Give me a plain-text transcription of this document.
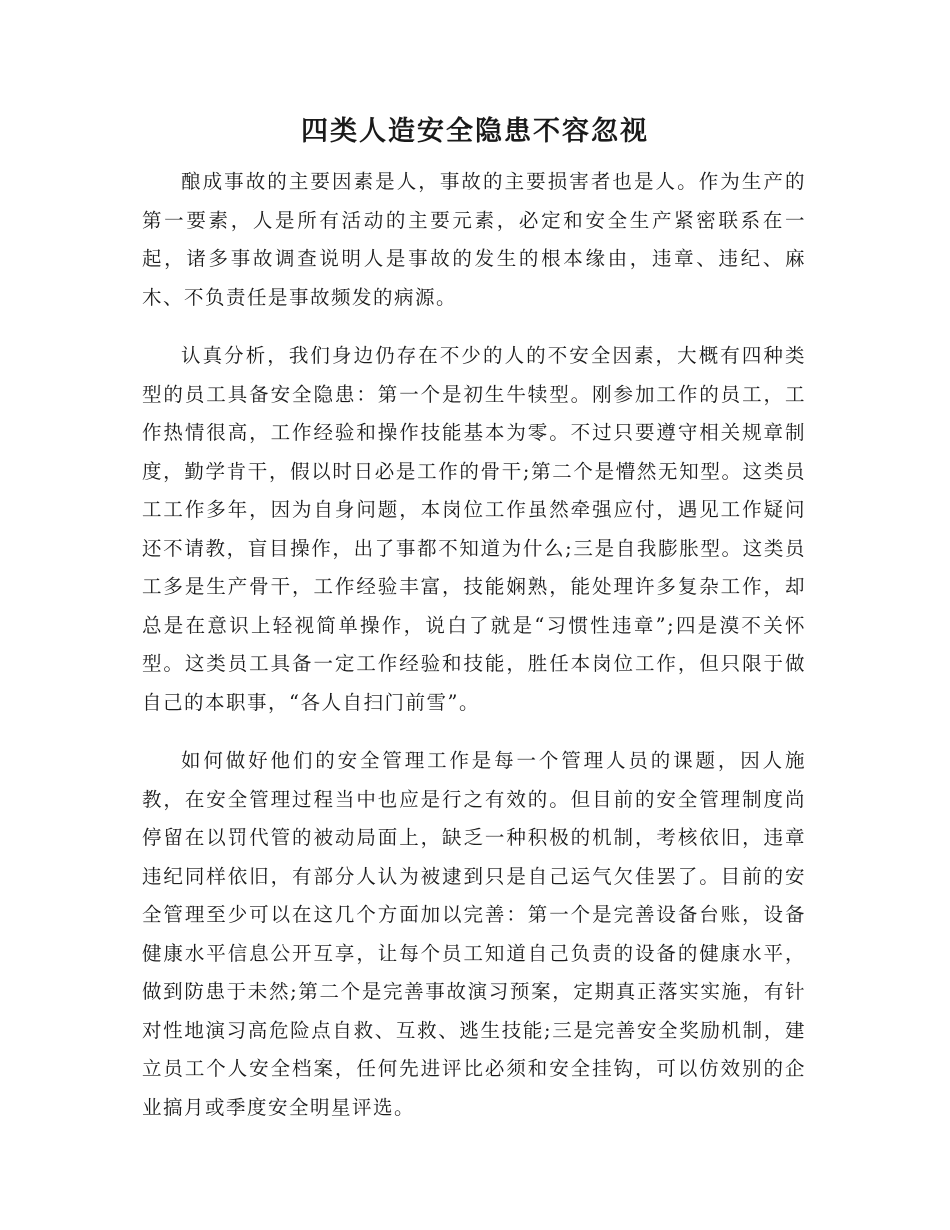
四类人造安全隐患不容忽视

酿成事故的主要因素是人，事故的主要损害者也是人。作为生产的第一要素，人是所有活动的主要元素，必定和安全生产紧密联系在一起，诸多事故调查说明人是事故的发生的根本缘由，违章、违纪、麻木、不负责任是事故频发的病源。

认真分析，我们身边仍存在不少的人的不安全因素，大概有四种类型的员工具备安全隐患：第一个是初生牛犊型。刚参加工作的员工，工作热情很高，工作经验和操作技能基本为零。不过只要遵守相关规章制度，勤学肯干，假以时日必是工作的骨干;第二个是懵然无知型。这类员工工作多年，因为自身问题，本岗位工作虽然牵强应付，遇见工作疑问还不请教，盲目操作，出了事都不知道为什么;三是自我膨胀型。这类员工多是生产骨干，工作经验丰富，技能娴熟，能处理许多复杂工作，却总是在意识上轻视简单操作，说白了就是“习惯性违章”;四是漠不关怀型。这类员工具备一定工作经验和技能，胜任本岗位工作，但只限于做自己的本职事，“各人自扫门前雪”。

如何做好他们的安全管理工作是每一个管理人员的课题，因人施教，在安全管理过程当中也应是行之有效的。但目前的安全管理制度尚停留在以罚代管的被动局面上，缺乏一种积极的机制，考核依旧，违章违纪同样依旧，有部分人认为被逮到只是自己运气欠佳罢了。目前的安全管理至少可以在这几个方面加以完善：第一个是完善设备台账，设备健康水平信息公开互享，让每个员工知道自己负责的设备的健康水平，做到防患于未然;第二个是完善事故演习预案，定期真正落实实施，有针对性地演习高危险点自救、互救、逃生技能;三是完善安全奖励机制，建立员工个人安全档案，任何先进评比必须和安全挂钩，可以仿效别的企业搞月或季度安全明星评选。
